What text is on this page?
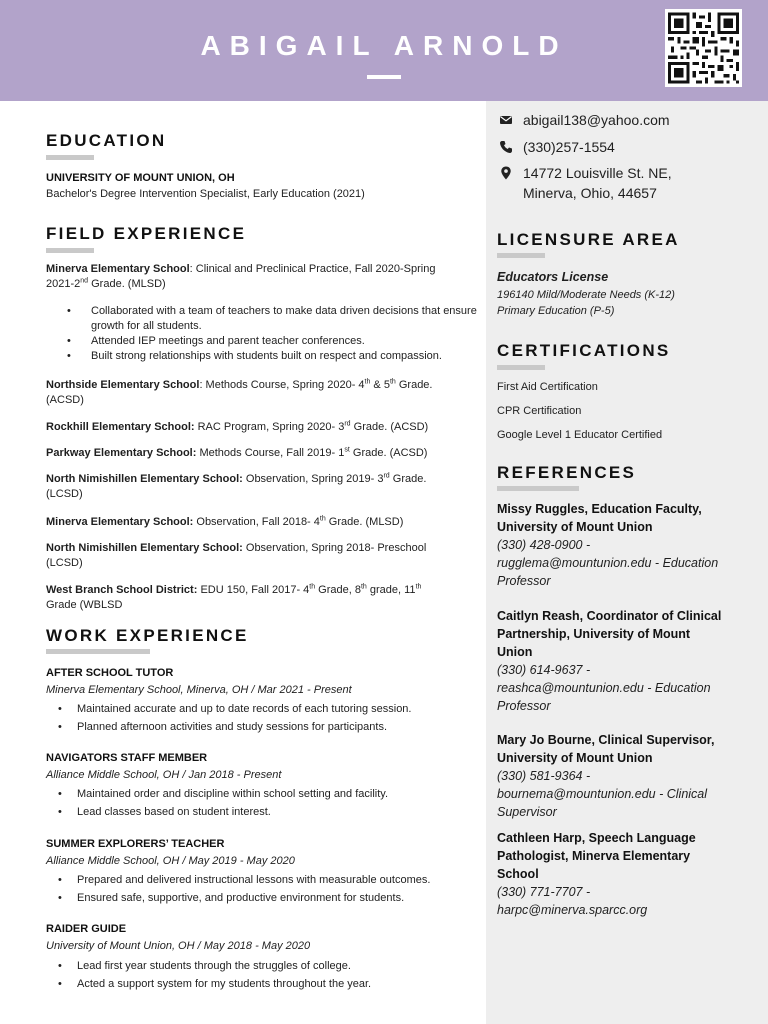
ABIGAIL ARNOLD
abigail138@yahoo.com
(330)257-1554
14772 Louisville St. NE,
Minerva, Ohio, 44657
EDUCATION
UNIVERSITY OF MOUNT UNION, OH
Bachelor's Degree Intervention Specialist, Early Education (2021)
FIELD EXPERIENCE
Minerva Elementary School: Clinical and Preclinical Practice, Fall 2020-Spring
2021-2nd Grade. (MLSD)
• Collaborated with a team of teachers to make data driven decisions that ensure growth for all students.
• Attended IEP meetings and parent teacher conferences.
• Built strong relationships with students built on respect and compassion.
Northside Elementary School: Methods Course, Spring 2020- 4th & 5th Grade.
(ACSD)
Rockhill Elementary School: RAC Program, Spring 2020- 3rd Grade. (ACSD)
Parkway Elementary School: Methods Course, Fall 2019- 1st Grade. (ACSD)
North Nimishillen Elementary School: Observation, Spring 2019- 3rd Grade.
(LCSD)
Minerva Elementary School: Observation, Fall 2018- 4th Grade. (MLSD)
North Nimishillen Elementary School: Observation, Spring 2018- Preschool
(LCSD)
West Branch School District: EDU 150, Fall 2017- 4th Grade, 8th grade, 11th
Grade (WBLSD
WORK EXPERIENCE
AFTER SCHOOL TUTOR
Minerva Elementary School, Minerva, OH / Mar 2021 - Present
• Maintained accurate and up to date records of each tutoring session.
• Planned afternoon activities and study sessions for participants.
NAVIGATORS STAFF MEMBER
Alliance Middle School, OH / Jan 2018 - Present
• Maintained order and discipline within school setting and facility.
• Lead classes based on student interest.
SUMMER EXPLORERS’ TEACHER
Alliance Middle School, OH / May 2019 - May 2020
• Prepared and delivered instructional lessons with measurable outcomes.
• Ensured safe, supportive, and productive environment for students.
RAIDER GUIDE
University of Mount Union, OH / May 2018 - May 2020
• Lead first year students through the struggles of college.
• Acted a support system for my students throughout the year.
LICENSURE AREA
Educators License
196140 Mild/Moderate Needs (K-12)
Primary Education (P-5)
CERTIFICATIONS
First Aid Certification
CPR Certification
Google Level 1 Educator Certified
REFERENCES
Missy Ruggles, Education Faculty,
University of Mount Union
(330) 428-0900 -
rugglema@mountunion.edu - Education
Professor
Caitlyn Reash, Coordinator of Clinical
Partnership, University of Mount
Union
(330) 614-9637 -
reashca@mountunion.edu - Education
Professor
Mary Jo Bourne, Clinical Supervisor,
University of Mount Union
(330) 581-9364 -
bournema@mountunion.edu - Clinical
Supervisor
Cathleen Harp, Speech Language
Pathologist, Minerva Elementary
School
(330) 771-7707 -
harpc@minerva.sparcc.org
